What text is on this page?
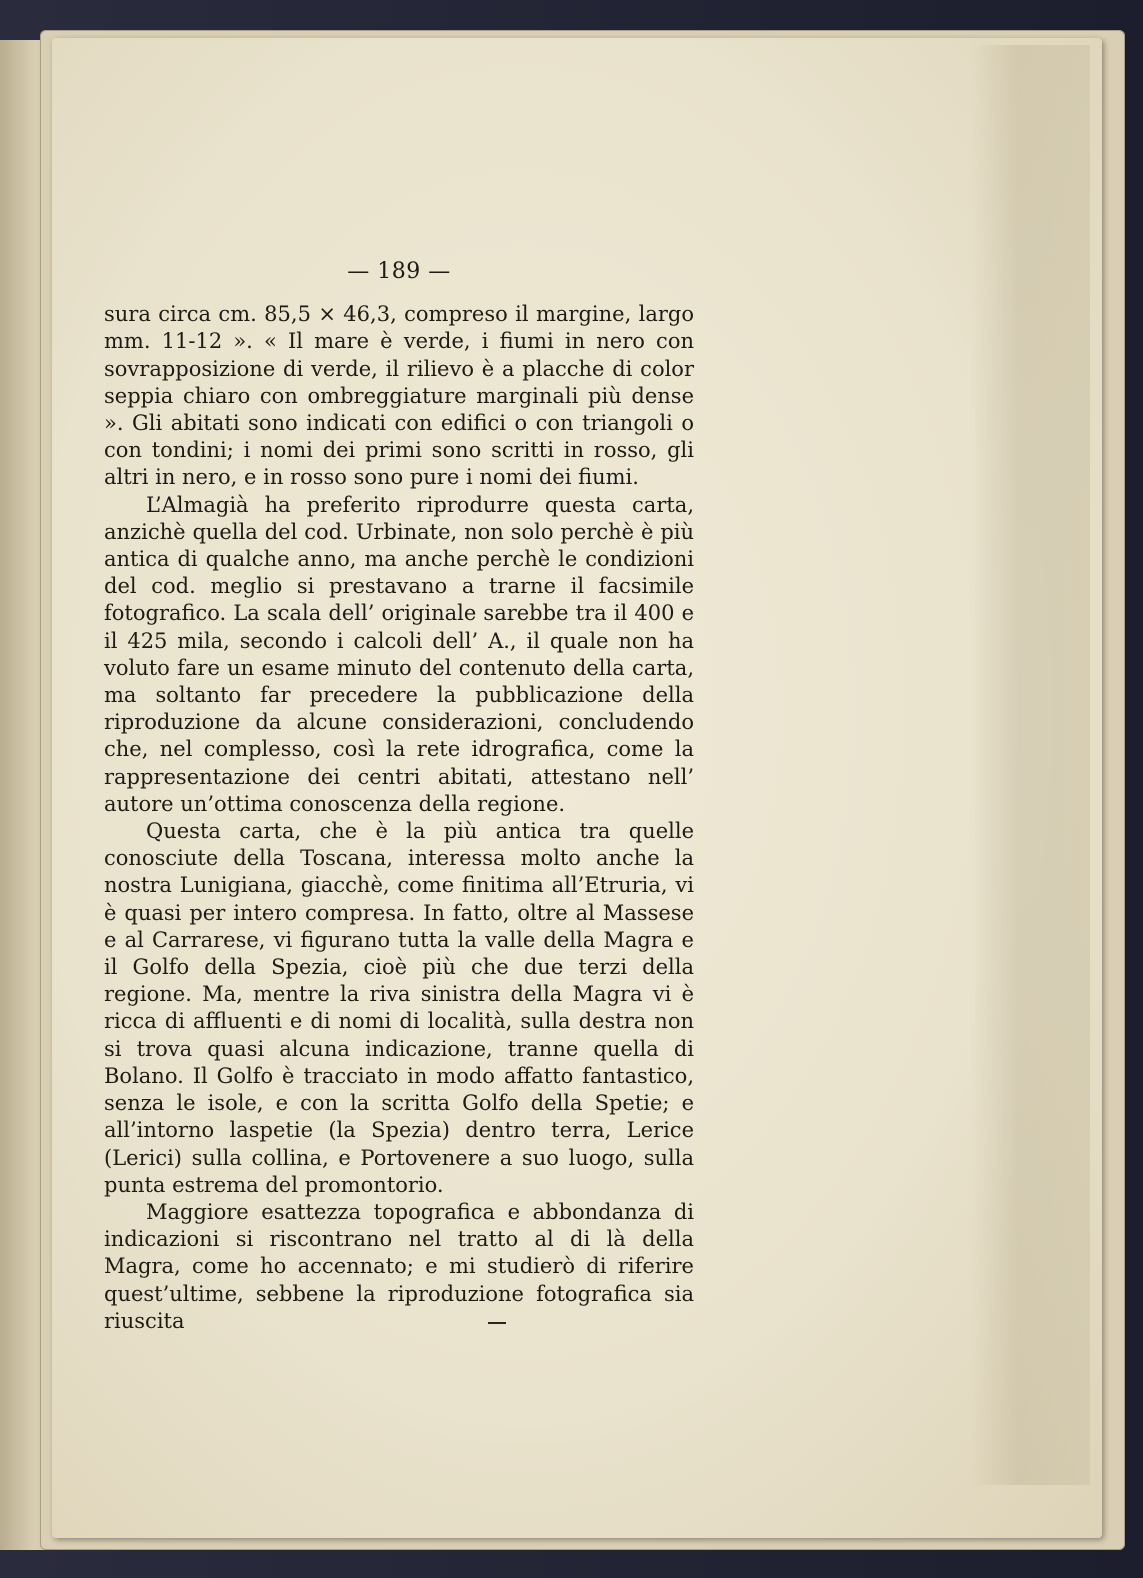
— 189 —

sura circa cm. 85,5 × 46,3, compreso il margine, largo mm. 11-12 ». « Il mare è verde, i fiumi in nero con sovrapposizione di verde, il rilievo è a placche di color seppia chiaro con ombreggiature marginali più dense ». Gli abitati sono indicati con edifici o con triangoli o con tondini; i nomi dei primi sono scritti in rosso, gli altri in nero, e in rosso sono pure i nomi dei fiumi.

L’Almagià ha preferito riprodurre questa carta, anzichè quella del cod. Urbinate, non solo perchè è più antica di qualche anno, ma anche perchè le condizioni del cod. meglio si prestavano a trarne il facsimile fotografico. La scala dell’ originale sarebbe tra il 400 e il 425 mila, secondo i calcoli dell’ A., il quale non ha voluto fare un esame minuto del contenuto della carta, ma soltanto far precedere la pubblicazione della riproduzione da alcune considerazioni, concludendo che, nel complesso, così la rete idrografica, come la rappresentazione dei centri abitati, attestano nell’ autore un’ottima conoscenza della regione.

Questa carta, che è la più antica tra quelle conosciute della Toscana, interessa molto anche la nostra Lunigiana, giacchè, come finitima all’Etruria, vi è quasi per intero compresa. In fatto, oltre al Massese e al Carrarese, vi figurano tutta la valle della Magra e il Golfo della Spezia, cioè più che due terzi della regione. Ma, mentre la riva sinistra della Magra vi è ricca di affluenti e di nomi di località, sulla destra non si trova quasi alcuna indicazione, tranne quella di Bolano. Il Golfo è tracciato in modo affatto fantastico, senza le isole, e con la scritta Golfo della Spetie; e all’intorno laspetie (la Spezia) dentro terra, Lerice (Lerici) sulla collina, e Portovenere a suo luogo, sulla punta estrema del promontorio.

Maggiore esattezza topografica e abbondanza di indicazioni si riscontrano nel tratto al di là della Magra, come ho accennato; e mi studierò di riferire quest’ultime, sebbene la riproduzione fotografica sia riuscita
